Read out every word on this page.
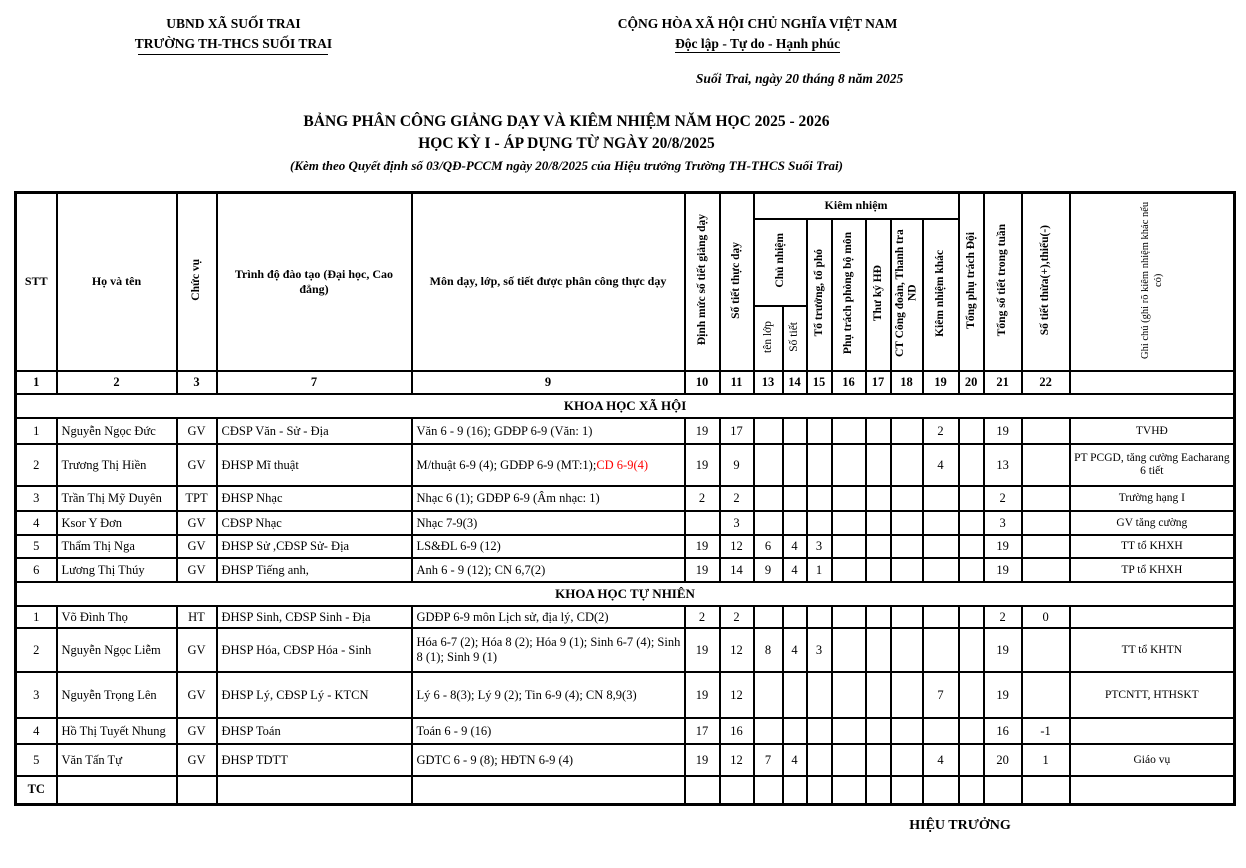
UBND XÃ SUỐI TRAI
TRƯỜNG TH-THCS SUỐI TRAI
CỘNG HÒA XÃ HỘI CHỦ NGHĨA VIỆT NAM
Độc lập - Tự do - Hạnh phúc
Suối Trai, ngày 20 tháng 8 năm 2025
BẢNG PHÂN CÔNG GIẢNG DẠY VÀ KIÊM NHIỆM NĂM HỌC 2025 - 2026
HỌC KỲ I - ÁP DỤNG TỪ NGÀY 20/8/2025
(Kèm theo Quyết định số 03/QĐ-PCCM ngày 20/8/2025 của Hiệu trưởng Trường TH-THCS Suối Trai)
STT	Họ và tên	Chức vụ	Trình độ đào tạo (Đại học, Cao đẳng)	Môn dạy, lớp, số tiết được phân công thực dạy	Định mức số tiết giảng dạy	Số tiết thực dạy	Kiêm nhiệm							Tổng phụ trách Đội	Tổng số tiết trong tuần	Số tiết thừa(+),thiếu(-)	Ghi chú (ghi rõ kiêm nhiệm khác nếu có)
							Chủ nhiệm		Tổ trưởng, tổ phó	Phụ trách phòng bộ môn	Thư ký HĐ	CT Công đoàn, Thanh tra ND	Kiêm nhiệm khác				
							tên lớp	Số tiết									
1	2	3	7	9	10	11	13	14	15	16	17	18	19	20	21	22	
KHOA HỌC XÃ HỘI																	
1	Nguyễn Ngọc Đức	GV	CĐSP Văn - Sử - Địa	Văn 6 - 9 (16); GDĐP 6-9 (Văn: 1)	19	17							2		19		TVHĐ
2	Trương Thị Hiền	GV	ĐHSP Mĩ thuật	M/thuật 6-9 (4); GDĐP 6-9 (MT:1);CD 6-9(4)	19	9							4		13		PT PCGD, tăng cường Eacharang 6 tiết
3	Trần Thị Mỹ Duyên	TPT	ĐHSP Nhạc	Nhạc 6 (1); GDĐP 6-9 (Âm nhạc: 1)	2	2									2		Trường hạng I
4	Ksor Y Đơn	GV	CĐSP Nhạc	Nhạc 7-9(3)		3									3		GV tăng cường
5	Thẩm Thị Nga	GV	ĐHSP Sử ,CĐSP Sử- Địa	LS&ĐL 6-9 (12)	19	12	6	4	3						19		TT tổ KHXH
6	Lương Thị Thúy	GV	ĐHSP Tiếng anh,	Anh 6 - 9 (12); CN 6,7(2)	19	14	9	4	1						19		TP tổ KHXH
KHOA HỌC TỰ NHIÊN																	
1	Võ Đình Thọ	HT	ĐHSP Sinh, CĐSP Sinh - Địa	GDĐP 6-9 môn Lịch sử, địa lý, CD(2)	2	2									2	0	
2	Nguyễn Ngọc Liễm	GV	ĐHSP Hóa, CĐSP Hóa - Sinh	Hóa 6-7 (2); Hóa 8 (2); Hóa 9 (1); Sinh 6-7 (4); Sinh 8 (1); Sinh 9 (1)	19	12	8	4	3						19		TT tổ KHTN
3	Nguyễn Trọng Lên	GV	ĐHSP Lý, CĐSP Lý - KTCN	Lý 6 - 8(3); Lý 9 (2); Tin 6-9 (4); CN 8,9(3)	19	12							7		19		PTCNTT, HTHSKT
4	Hồ Thị Tuyết Nhung	GV	ĐHSP Toán	Toán 6 - 9 (16)	17	16									16	-1	
5	Văn Tấn Tự	GV	ĐHSP TDTT	GDTC 6 - 9 (8); HĐTN 6-9 (4)	19	12	7	4					4		20	1	Giáo vụ
TC																	
HIỆU TRƯỞNG
